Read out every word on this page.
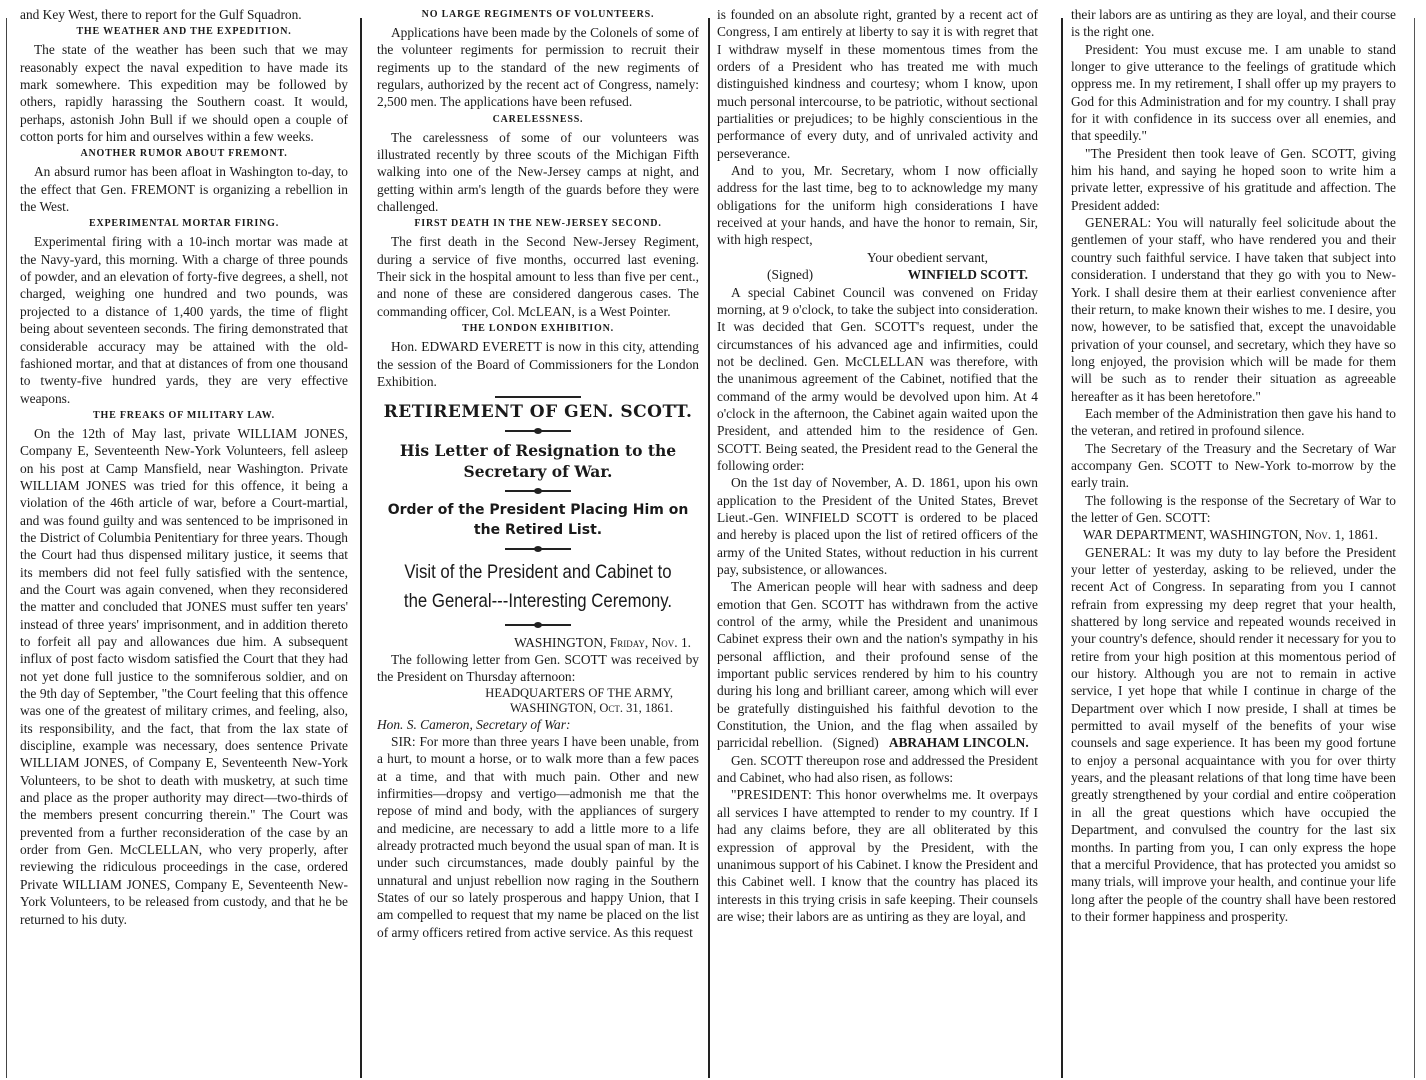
and Key West, there to report for the Gulf Squadron.

THE WEATHER AND THE EXPEDITION.

The state of the weather has been such that we may reasonably expect the naval expedition to have made its mark somewhere. This expedition may be followed by others, rapidly harassing the Southern coast. It would, perhaps, astonish John Bull if we should open a couple of cotton ports for him and ourselves within a few weeks.

ANOTHER RUMOR ABOUT FREMONT.

An absurd rumor has been afloat in Washington to-day, to the effect that Gen. FREMONT is organizing a rebellion in the West.

EXPERIMENTAL MORTAR FIRING.

Experimental firing with a 10-inch mortar was made at the Navy-yard, this morning. With a charge of three pounds of powder, and an elevation of forty-five degrees, a shell, not charged, weighing one hundred and two pounds, was projected to a distance of 1,400 yards, the time of flight being about seventeen seconds. The firing demonstrated that considerable accuracy may be attained with the old-fashioned mortar, and that at distances of from one thousand to twenty-five hundred yards, they are very effective weapons.

THE FREAKS OF MILITARY LAW.

On the 12th of May last, private WILLIAM JONES, Company E, Seventeenth New-York Volunteers, fell asleep on his post at Camp Mansfield, near Washington. Private WILLIAM JONES was tried for this offence, it being a violation of the 46th article of war, before a Court-martial, and was found guilty and was sentenced to be imprisoned in the District of Columbia Penitentiary for three years. Though the Court had thus dispensed military justice, it seems that its members did not feel fully satisfied with the sentence, and the Court was again convened, when they reconsidered the matter and concluded that JONES must suffer ten years' instead of three years' imprisonment, and in addition thereto to forfeit all pay and allowances due him. A subsequent influx of post facto wisdom satisfied the Court that they had not yet done full justice to the somniferous soldier, and on the 9th day of September, "the Court feeling that this offence was one of the greatest of military crimes, and feeling, also, its responsibility, and the fact, that from the lax state of discipline, example was necessary, does sentence Private WILLIAM JONES, of Company E, Seventeenth New-York Volunteers, to be shot to death with musketry, at such time and place as the proper authority may direct—two-thirds of the members present concurring therein." The Court was prevented from a further reconsideration of the case by an order from Gen. McCLELLAN, who very properly, after reviewing the ridiculous proceedings in the case, ordered Private WILLIAM JONES, Company E, Seventeenth New-York Volunteers, to be released from custody, and that he be returned to his duty.

NO LARGE REGIMENTS OF VOLUNTEERS.

Applications have been made by the Colonels of some of the volunteer regiments for permission to recruit their regiments up to the standard of the new regiments of regulars, authorized by the recent act of Congress, namely: 2,500 men. The applications have been refused.

CARELESSNESS.

The carelessness of some of our volunteers was illustrated recently by three scouts of the Michigan Fifth walking into one of the New-Jersey camps at night, and getting within arm's length of the guards before they were challenged.

FIRST DEATH IN THE NEW-JERSEY SECOND.

The first death in the Second New-Jersey Regiment, during a service of five months, occurred last evening. Their sick in the hospital amount to less than five per cent., and none of these are considered dangerous cases. The commanding officer, Col. McLEAN, is a West Pointer.

THE LONDON EXHIBITION.

Hon. EDWARD EVERETT is now in this city, attending the session of the Board of Commissioners for the London Exhibition.

RETIREMENT OF GEN. SCOTT.
His Letter of Resignation to the Secretary of War.
Order of the President Placing Him on the Retired List.
Visit of the President and Cabinet to the General---Interesting Ceremony.
WASHINGTON, Friday, Nov. 1.

The following letter from Gen. SCOTT was received by the President on Thursday afternoon:

HEADQUARTERS OF THE ARMY,
WASHINGTON, Oct. 31, 1861.

Hon. S. Cameron, Secretary of War:

SIR: For more than three years I have been unable, from a hurt, to mount a horse, or to walk more than a few paces at a time, and that with much pain. Other and new infirmities—dropsy and vertigo—admonish me that the repose of mind and body, with the appliances of surgery and medicine, are necessary to add a little more to a life already protracted much beyond the usual span of man. It is under such circumstances, made doubly painful by the unnatural and unjust rebellion now raging in the Southern States of our so lately prosperous and happy Union, that I am compelled to request that my name be placed on the list of army officers retired from active service. As this request

is founded on an absolute right, granted by a recent act of Congress, I am entirely at liberty to say it is with regret that I withdraw myself in these momentous times from the orders of a President who has treated me with much distinguished kindness and courtesy; whom I know, upon much personal intercourse, to be patriotic, without sectional partialities or prejudices; to be highly conscientious in the performance of every duty, and of unrivaled activity and perseverance.

And to you, Mr. Secretary, whom I now officially address for the last time, beg to to acknowledge my many obligations for the uniform high considerations I have received at your hands, and have the honor to remain, Sir, with high respect,

Your obedient servant,
(Signed)	WINFIELD SCOTT.

A special Cabinet Council was convened on Friday morning, at 9 o'clock, to take the subject into consideration. It was decided that Gen. SCOTT's request, under the circumstances of his advanced age and infirmities, could not be declined. Gen. McCLELLAN was therefore, with the unanimous agreement of the Cabinet, notified that the command of the army would be devolved upon him. At 4 o'clock in the afternoon, the Cabinet again waited upon the President, and attended him to the residence of Gen. SCOTT. Being seated, the President read to the General the following order:

On the 1st day of November, A. D. 1861, upon his own application to the President of the United States, Brevet Lieut.-Gen. WINFIELD SCOTT is ordered to be placed and hereby is placed upon the list of retired officers of the army of the United States, without reduction in his current pay, subsistence, or allowances.

The American people will hear with sadness and deep emotion that Gen. SCOTT has withdrawn from the active control of the army, while the President and unanimous Cabinet express their own and the nation's sympathy in his personal affliction, and their profound sense of the important public services rendered by him to his country during his long and brilliant career, among which will ever be gratefully distinguished his faithful devotion to the Constitution, the Union, and the flag when assailed by parricidal rebellion. (Signed) ABRAHAM LINCOLN.

Gen. SCOTT thereupon rose and addressed the President and Cabinet, who had also risen, as follows:

"PRESIDENT: This honor overwhelms me. It overpays all services I have attempted to render to my country. If I had any claims before, they are all obliterated by this expression of approval by the President, with the unanimous support of his Cabinet. I know the President and this Cabinet well. I know that the country has placed its interests in this trying crisis in safe keeping. Their counsels are wise; their labors are as untiring as they are loyal, and

their labors are as untiring as they are loyal, and their course is the right one.

President: You must excuse me. I am unable to stand longer to give utterance to the feelings of gratitude which oppress me. In my retirement, I shall offer up my prayers to God for this Administration and for my country. I shall pray for it with confidence in its success over all enemies, and that speedily."

"The President then took leave of Gen. SCOTT, giving him his hand, and saying he hoped soon to write him a private letter, expressive of his gratitude and affection. The President added:

GENERAL: You will naturally feel solicitude about the gentlemen of your staff, who have rendered you and their country such faithful service. I have taken that subject into consideration. I understand that they go with you to New-York. I shall desire them at their earliest convenience after their return, to make known their wishes to me. I desire, you now, however, to be satisfied that, except the unavoidable privation of your counsel, and secretary, which they have so long enjoyed, the provision which will be made for them will be such as to render their situation as agreeable hereafter as it has been heretofore."

Each member of the Administration then gave his hand to the veteran, and retired in profound silence.

The Secretary of the Treasury and the Secretary of War accompany Gen. SCOTT to New-York to-morrow by the early train.

The following is the response of the Secretary of War to the letter of Gen. SCOTT:

WAR DEPARTMENT, WASHINGTON, Nov. 1, 1861.

GENERAL: It was my duty to lay before the President your letter of yesterday, asking to be relieved, under the recent Act of Congress. In separating from you I cannot refrain from expressing my deep regret that your health, shattered by long service and repeated wounds received in your country's defence, should render it necessary for you to retire from your high position at this momentous period of our history. Although you are not to remain in active service, I yet hope that while I continue in charge of the Department over which I now preside, I shall at times be permitted to avail myself of the benefits of your wise counsels and sage experience. It has been my good fortune to enjoy a personal acquaintance with you for over thirty years, and the pleasant relations of that long time have been greatly strengthened by your cordial and entire coöperation in all the great questions which have occupied the Department, and convulsed the country for the last six months. In parting from you, I can only express the hope that a merciful Providence, that has protected you amidst so many trials, will improve your health, and continue your life long after the people of the country shall have been restored to their former happiness and prosperity.
